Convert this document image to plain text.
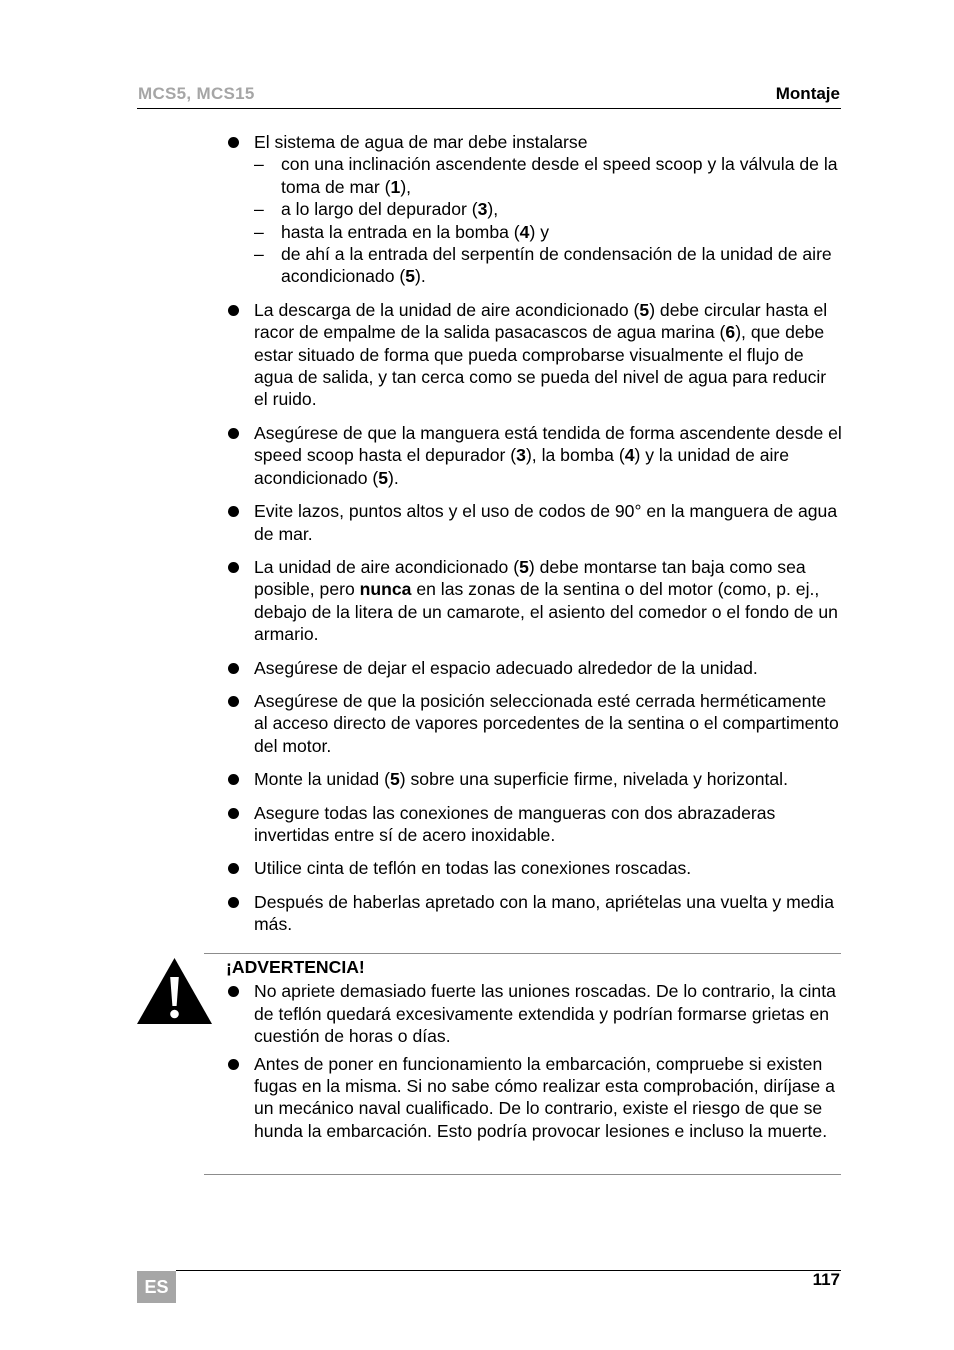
MCS5, MCS15	Montaje
El sistema de agua de mar debe instalarse
– con una inclinación ascendente desde el speed scoop y la válvula de la toma de mar (1),
– a lo largo del depurador (3),
– hasta la entrada en la bomba (4) y
– de ahí a la entrada del serpentín de condensación de la unidad de aire acondicionado (5).
La descarga de la unidad de aire acondicionado (5) debe circular hasta el racor de empalme de la salida pasacascos de agua marina (6), que debe estar situado de forma que pueda comprobarse visualmente el flujo de agua de salida, y tan cerca como se pueda del nivel de agua para reducir el ruido.
Asegúrese de que la manguera está tendida de forma ascendente desde el speed scoop hasta el depurador (3), la bomba (4) y la unidad de aire acondicionado (5).
Evite lazos, puntos altos y el uso de codos de 90° en la manguera de agua de mar.
La unidad de aire acondicionado (5) debe montarse tan baja como sea posible, pero nunca en las zonas de la sentina o del motor (como, p. ej., debajo de la litera de un camarote, el asiento del comedor o el fondo de un armario.
Asegúrese de dejar el espacio adecuado alrededor de la unidad.
Asegúrese de que la posición seleccionada esté cerrada herméticamente al acceso directo de vapores porcedentes de la sentina o el compartimento del motor.
Monte la unidad (5) sobre una superficie firme, nivelada y horizontal.
Asegure todas las conexiones de mangueras con dos abrazaderas invertidas entre sí de acero inoxidable.
Utilice cinta de teflón en todas las conexiones roscadas.
Después de haberlas apretado con la mano, apriételas una vuelta y media más.
¡ADVERTENCIA!
No apriete demasiado fuerte las uniones roscadas. De lo contrario, la cinta de teflón quedará excesivamente extendida y podrían formarse grietas en cuestión de horas o días.
Antes de poner en funcionamiento la embarcación, compruebe si existen fugas en la misma. Si no sabe cómo realizar esta comprobación, diríjase a un mecánico naval cualificado. De lo contrario, existe el riesgo de que se hunda la embarcación. Esto podría provocar lesiones e incluso la muerte.
ES	117
